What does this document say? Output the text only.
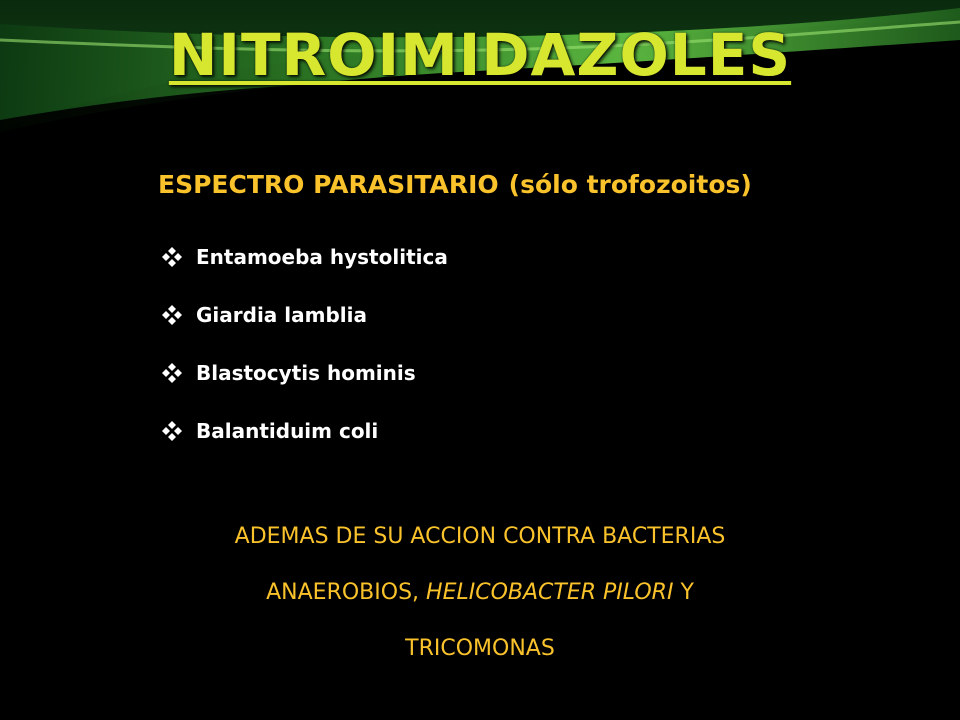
NITROIMIDAZOLES
ESPECTRO PARASITARIO (sólo trofozoitos)
Entamoeba hystolitica
Giardia lamblia
Blastocytis hominis
Balantiduim coli
ADEMAS DE SU ACCION CONTRA BACTERIAS
ANAEROBIOS, HELICOBACTER PILORI Y
TRICOMONAS
